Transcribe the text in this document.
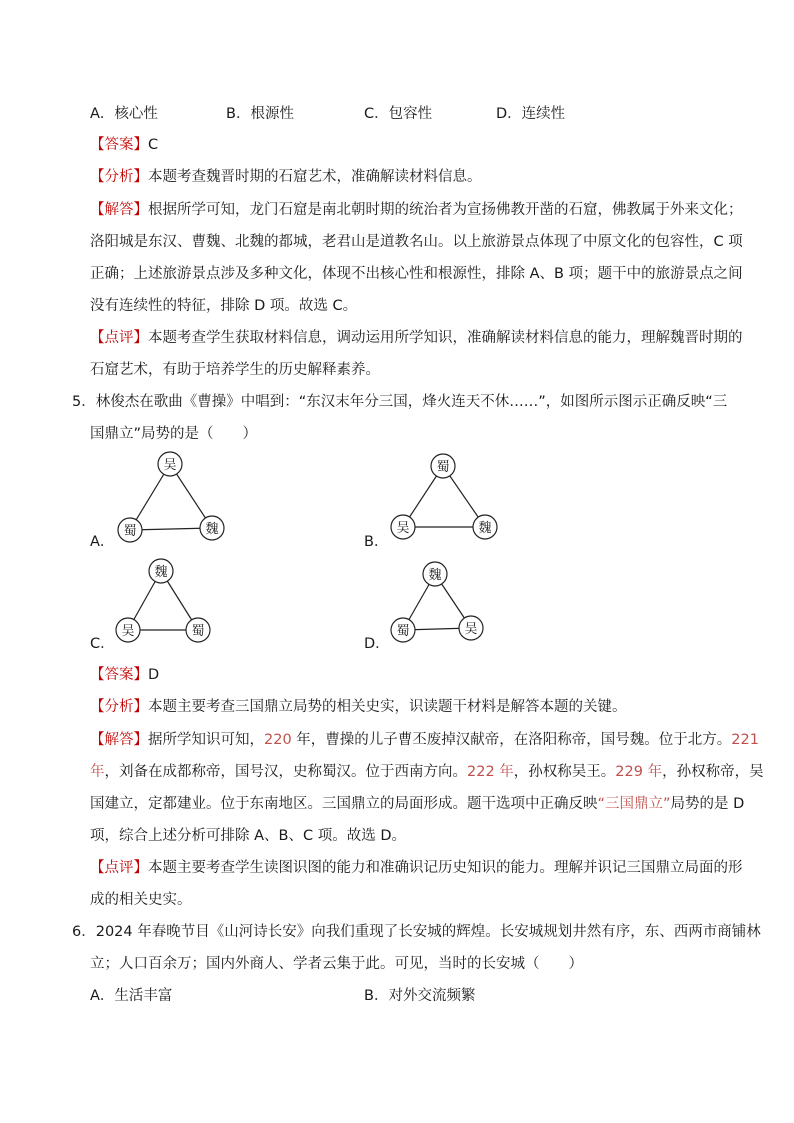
A．核心性	B．根源性	C．包容性	D．连续性
【答案】C
【分析】本题考查魏晋时期的石窟艺术，准确解读材料信息。
【解答】根据所学可知，龙门石窟是南北朝时期的统治者为宣扬佛教开凿的石窟，佛教属于外来文化；
洛阳城是东汉、曹魏、北魏的都城，老君山是道教名山。以上旅游景点体现了中原文化的包容性，C 项
正确；上述旅游景点涉及多种文化，体现不出核心性和根源性，排除 A、B 项；题干中的旅游景点之间
没有连续性的特征，排除 D 项。故选 C。
【点评】本题考查学生获取材料信息，调动运用所学知识，准确解读材料信息的能力，理解魏晋时期的
石窟艺术，有助于培养学生的历史解释素养。
5．林俊杰在歌曲《曹操》中唱到：“东汉末年分三国，烽火连天不休……”，如图所示图示正确反映“三
国鼎立”局势的是（　　）
A．
吴
蜀	魏
B．
蜀
吴	魏
C．
魏
吴	蜀
D．
魏
蜀	吴
【答案】D
【分析】本题主要考查三国鼎立局势的相关史实，识读题干材料是解答本题的关键。
【解答】据所学知识可知，220 年，曹操的儿子曹丕废掉汉献帝，在洛阳称帝，国号魏。位于北方。221
年，刘备在成都称帝，国号汉，史称蜀汉。位于西南方向。222 年，孙权称吴王。229 年，孙权称帝，吴
国建立，定都建业。位于东南地区。三国鼎立的局面形成。题干选项中正确反映“三国鼎立”局势的是 D
项，综合上述分析可排除 A、B、C 项。故选 D。
【点评】本题主要考查学生读图识图的能力和准确识记历史知识的能力。理解并识记三国鼎立局面的形
成的相关史实。
6．2024 年春晚节目《山河诗长安》向我们重现了长安城的辉煌。长安城规划井然有序，东、西两市商铺林
立；人口百余万；国内外商人、学者云集于此。可见，当时的长安城（　　）
A．生活丰富	B．对外交流频繁
